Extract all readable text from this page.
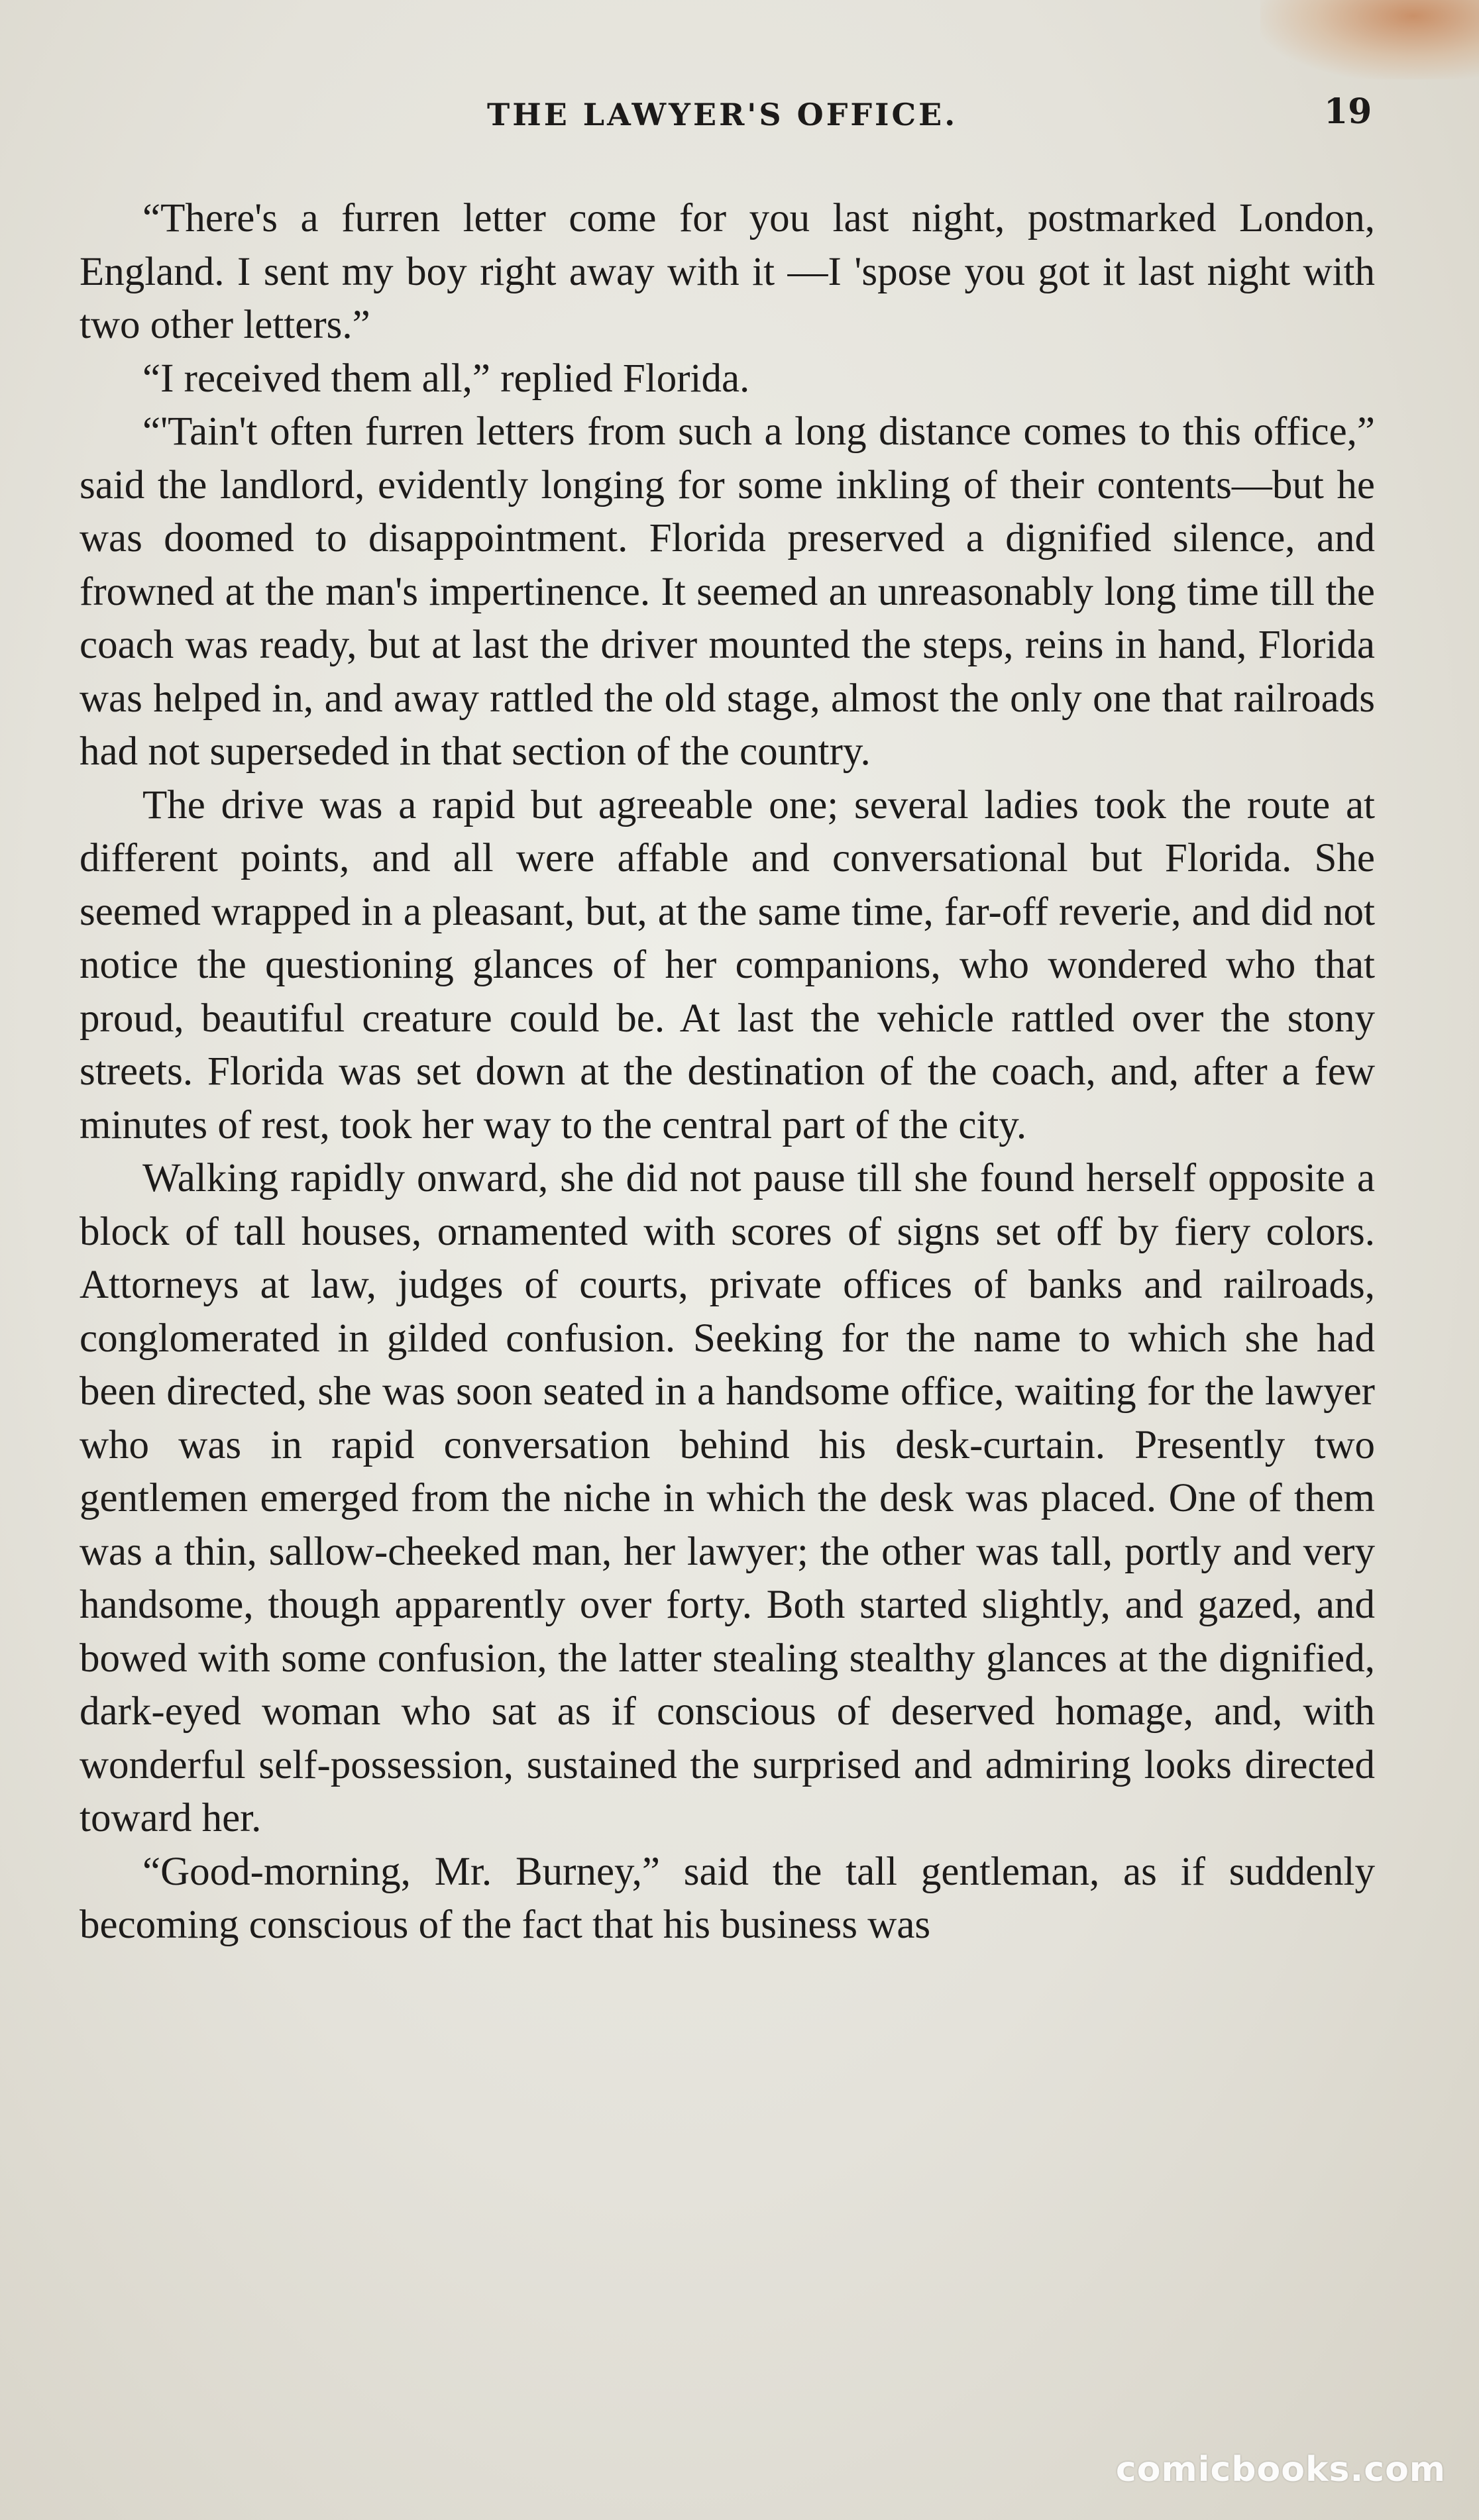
THE LAWYER'S OFFICE.	19

“There's a furren letter come for you last night, postmarked London, England. I sent my boy right away with it —I 'spose you got it last night with two other letters.”

“I received them all,” replied Florida.

“'Tain't often furren letters from such a long distance comes to this office,” said the landlord, evidently longing for some inkling of their contents—but he was doomed to disappointment. Florida preserved a dignified silence, and frowned at the man's impertinence. It seemed an unreasonably long time till the coach was ready, but at last the driver mounted the steps, reins in hand, Florida was helped in, and away rattled the old stage, almost the only one that railroads had not superseded in that section of the country.

The drive was a rapid but agreeable one; several ladies took the route at different points, and all were affable and conversational but Florida. She seemed wrapped in a pleasant, but, at the same time, far-off reverie, and did not notice the questioning glances of her companions, who wondered who that proud, beautiful creature could be. At last the vehicle rattled over the stony streets. Florida was set down at the destination of the coach, and, after a few minutes of rest, took her way to the central part of the city.

Walking rapidly onward, she did not pause till she found herself opposite a block of tall houses, ornamented with scores of signs set off by fiery colors. Attorneys at law, judges of courts, private offices of banks and railroads, conglomerated in gilded confusion. Seeking for the name to which she had been directed, she was soon seated in a handsome office, waiting for the lawyer who was in rapid conversation behind his desk-curtain. Presently two gentlemen emerged from the niche in which the desk was placed. One of them was a thin, sallow-cheeked man, her lawyer; the other was tall, portly and very handsome, though apparently over forty. Both started slightly, and gazed, and bowed with some confusion, the latter stealing stealthy glances at the dignified, dark-eyed woman who sat as if conscious of deserved homage, and, with wonderful self-possession, sustained the surprised and admiring looks directed toward her.

“Good-morning, Mr. Burney,” said the tall gentleman, as if suddenly becoming conscious of the fact that his business was

comicbooks.com
